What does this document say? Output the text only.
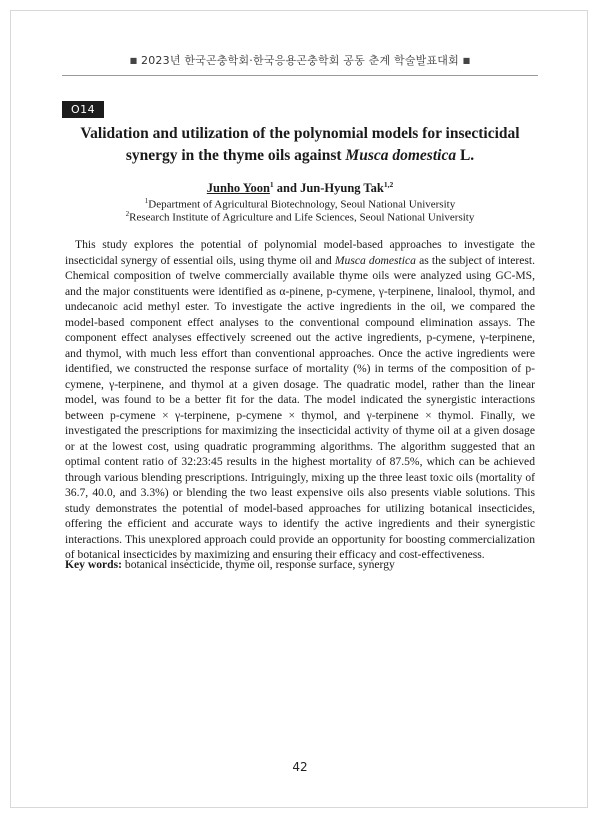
■ 2023년 한국곤충학회·한국응용곤충학회 공동 춘계 학술발표대회 ■
O14
Validation and utilization of the polynomial models for insecticidal synergy in the thyme oils against Musca domestica L.
Junho Yoon$^1$ and Jun-Hyung Tak$^{1,2}$
$^1$Department of Agricultural Biotechnology, Seoul National University
$^2$Research Institute of Agriculture and Life Sciences, Seoul National University

This study explores the potential of polynomial model-based approaches to investigate the insecticidal synergy of essential oils, using thyme oil and Musca domestica as the subject of interest. Chemical composition of twelve commercially available thyme oils were analyzed using GC-MS, and the major constituents were identified as α-pinene, p-cymene, γ-terpinene, linalool, thymol, and undecanoic acid methyl ester. To investigate the active ingredients in the oil, we compared the model-based component effect analyses to the conventional compound elimination assays. The component effect analyses effectively screened out the active ingredients, p-cymene, γ-terpinene, and thymol, with much less effort than conventional approaches. Once the active ingredients were identified, we constructed the response surface of mortality (%) in terms of the composition of p-cymene, γ-terpinene, and thymol at a given dosage. The quadratic model, rather than the linear model, was found to be a better fit for the data. The model indicated the synergistic interactions between p-cymene × γ-terpinene, p-cymene × thymol, and γ-terpinene × thymol. Finally, we investigated the prescriptions for maximizing the insecticidal activity of thyme oil at a given dosage or at the lowest cost, using quadratic programming algorithms. The algorithm suggested that an optimal content ratio of 32:23:45 results in the highest mortality of 87.5%, which can be achieved through various blending prescriptions. Intriguingly, mixing up the three least toxic oils (mortality of 36.7, 40.0, and 3.3%) or blending the two least expensive oils also presents viable solutions. This study demonstrates the potential of model-based approaches for utilizing botanical insecticides, offering the efficient and accurate ways to identify the active ingredients and their synergistic interactions. This unexplored approach could provide an opportunity for boosting commercialization of botanical insecticides by maximizing and ensuring their efficacy and cost-effectiveness.

Key words: botanical insecticide, thyme oil, response surface, synergy

42
